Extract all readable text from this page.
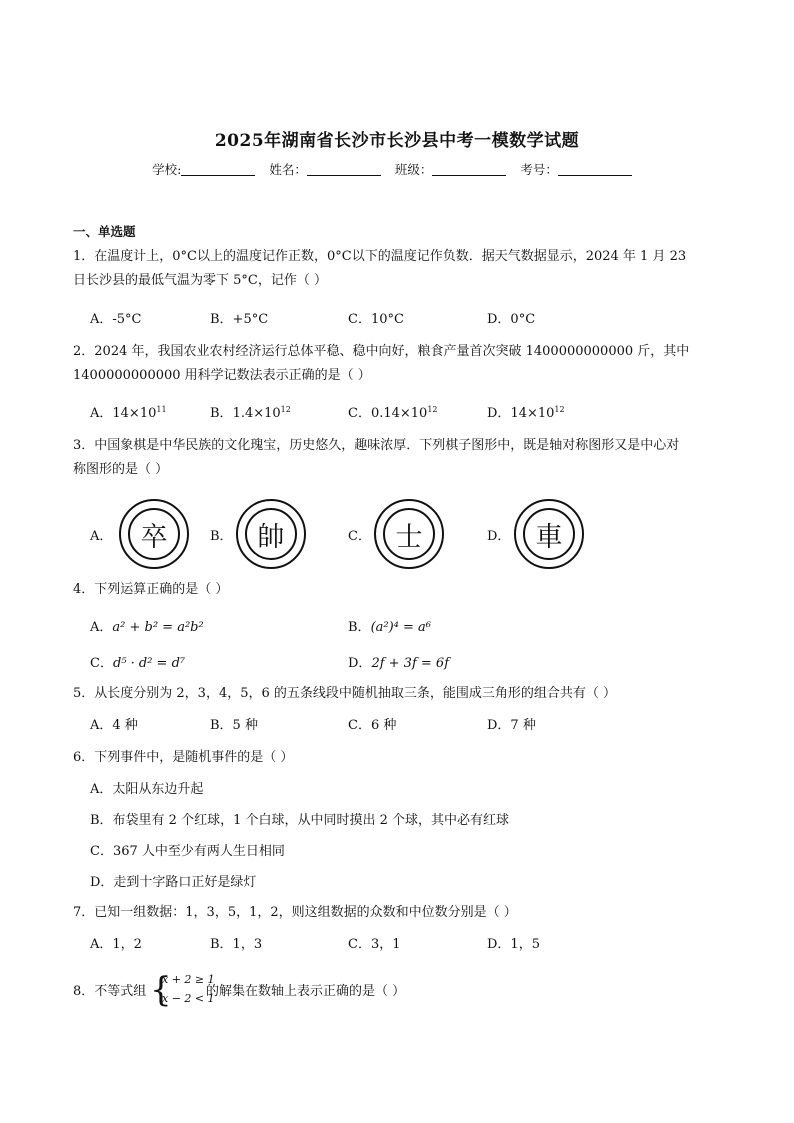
2025年湖南省长沙市长沙县中考一模数学试题
学校:	姓名：	班级：	考号：
一、单选题
1．在温度计上，0°C以上的温度记作正数，0°C以下的温度记作负数．据天气数据显示，2024 年 1 月 23
日长沙县的最低气温为零下 5°C，记作（ ）
A．-5°C	B．+5°C	C．10°C	D．0°C
2．2024 年，我国农业农村经济运行总体平稳、稳中向好，粮食产量首次突破 1400000000000 斤，其中
1400000000000 用科学记数法表示正确的是（ ）
A．$14\times 10^{11}$	B．$1.4\times 10^{12}$	C．$0.14\times 10^{12}$	D．$14\times 10^{12}$
3．中国象棋是中华民族的文化瑰宝，历史悠久，趣味浓厚．下列棋子图形中，既是轴对称图形又是中心对
称图形的是（ ）
A．	卒	B． 帥	C． 士	D． 車
4．下列运算正确的是（ ）
A．a² + b² = a²b²	B．(a²)⁴ = a⁶
C．d⁵ · d² = d⁷	D．2f + 3f = 6f
5．从长度分别为 2，3，4，5，6 的五条线段中随机抽取三条，能围成三角形的组合共有（ ）
A．4 种	B．5 种	C．6 种	D．7 种
6．下列事件中，是随机事件的是（ ）
A．太阳从东边升起
B．布袋里有 2 个红球，1 个白球，从中同时摸出 2 个球，其中必有红球
C．367 人中至少有两人生日相同
D．走到十字路口正好是绿灯
7．已知一组数据：1，3，5，1，2，则这组数据的众数和中位数分别是（ ）
A．1，2	B．1，3	C．3，1	D．1，5
8．不等式组 {
x + 2 ≥ 1
x − 2 < 1
的解集在数轴上表示正确的是（ ）
